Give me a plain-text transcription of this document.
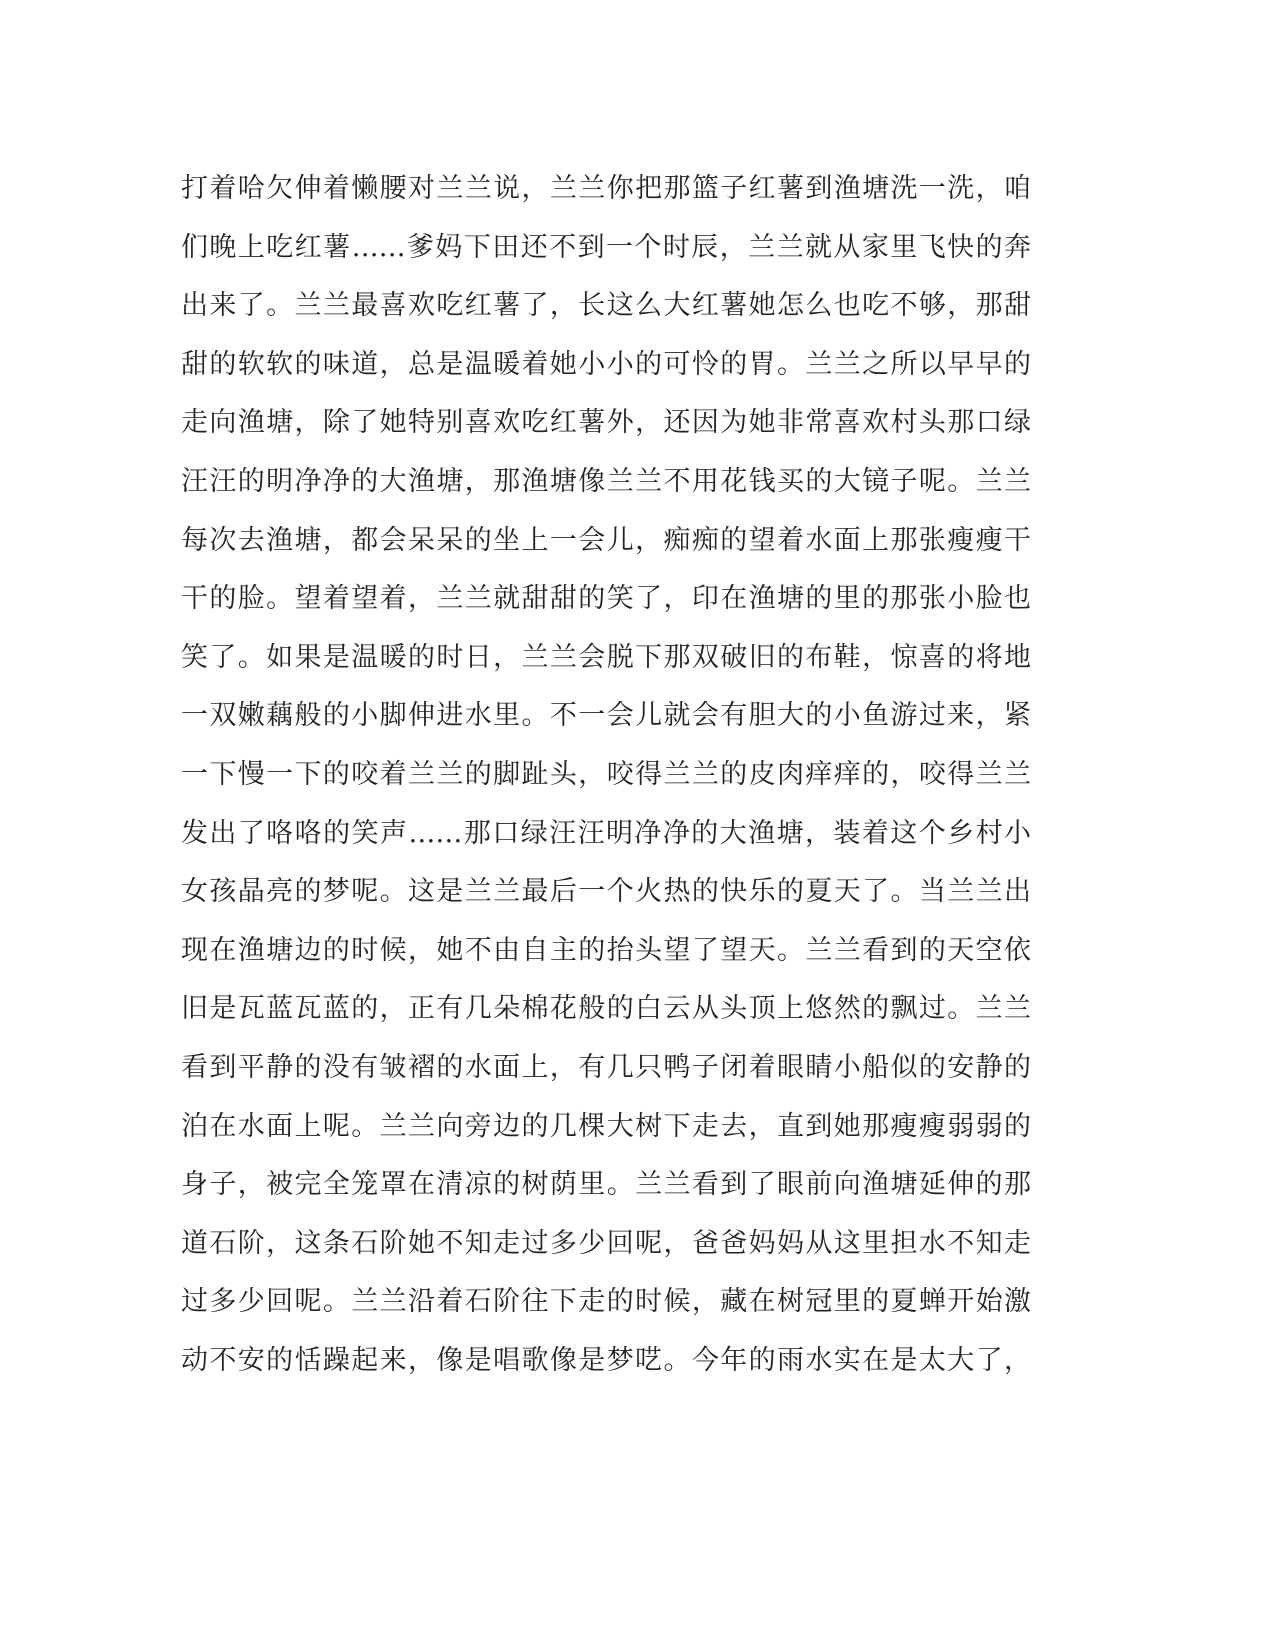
打着哈欠伸着懒腰对兰兰说，兰兰你把那篮子红薯到渔塘洗一洗，咱
们晚上吃红薯……爹妈下田还不到一个时辰，兰兰就从家里飞快的奔
出来了。兰兰最喜欢吃红薯了，长这么大红薯她怎么也吃不够，那甜
甜的软软的味道，总是温暖着她小小的可怜的胃。兰兰之所以早早的
走向渔塘，除了她特别喜欢吃红薯外，还因为她非常喜欢村头那口绿
汪汪的明净净的大渔塘，那渔塘像兰兰不用花钱买的大镜子呢。兰兰
每次去渔塘，都会呆呆的坐上一会儿，痴痴的望着水面上那张瘦瘦干
干的脸。望着望着，兰兰就甜甜的笑了，印在渔塘的里的那张小脸也
笑了。如果是温暖的时日，兰兰会脱下那双破旧的布鞋，惊喜的将地
一双嫩藕般的小脚伸进水里。不一会儿就会有胆大的小鱼游过来，紧
一下慢一下的咬着兰兰的脚趾头，咬得兰兰的皮肉痒痒的，咬得兰兰
发出了咯咯的笑声……那口绿汪汪明净净的大渔塘，装着这个乡村小
女孩晶亮的梦呢。这是兰兰最后一个火热的快乐的夏天了。当兰兰出
现在渔塘边的时候，她不由自主的抬头望了望天。兰兰看到的天空依
旧是瓦蓝瓦蓝的，正有几朵棉花般的白云从头顶上悠然的飘过。兰兰
看到平静的没有皱褶的水面上，有几只鸭子闭着眼睛小船似的安静的
泊在水面上呢。兰兰向旁边的几棵大树下走去，直到她那瘦瘦弱弱的
身子，被完全笼罩在清凉的树荫里。兰兰看到了眼前向渔塘延伸的那
道石阶，这条石阶她不知走过多少回呢，爸爸妈妈从这里担水不知走
过多少回呢。兰兰沿着石阶往下走的时候，藏在树冠里的夏蝉开始激
动不安的恬躁起来，像是唱歌像是梦呓。今年的雨水实在是太大了，
